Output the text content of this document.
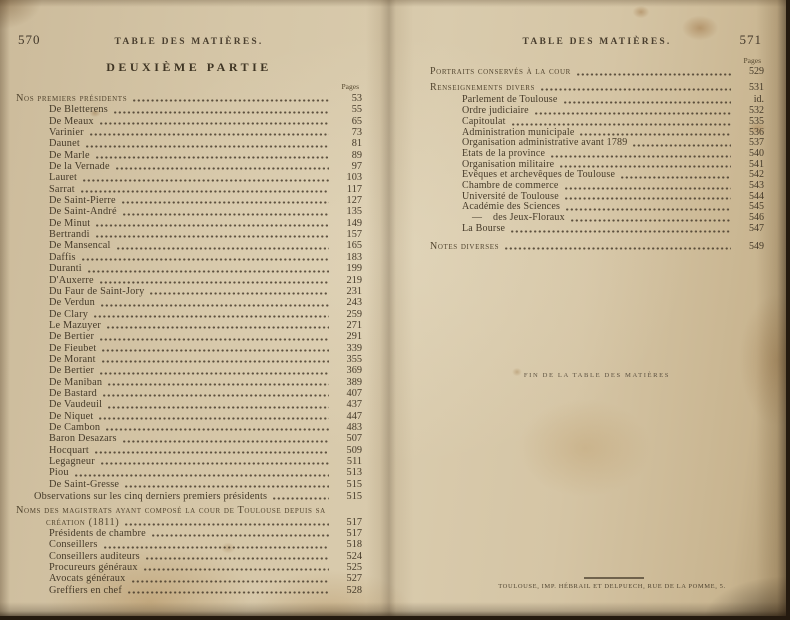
570	TABLE DES MATIÈRES.
DEUXIÈME PARTIE
Pages
Nos premiers présidents	53
De Bletterens	55
De Meaux	65
Varinier	73
Daunet	81
De Marle	89
De la Vernade	97
Lauret	103
Sarrat	117
De Saint-Pierre	127
De Saint-André	135
De Minut	149
Bertrandi	157
De Mansencal	165
Daffis	183
Duranti	199
D'Auxerre	219
Du Faur de Saint-Jory	231
De Verdun	243
De Clary	259
Le Mazuyer	271
De Bertier	291
De Fieubet	339
De Morant	355
De Bertier	369
De Maniban	389
De Bastard	407
De Vaudeuil	437
De Niquet	447
De Cambon	483
Baron Desazars	507
Hocquart	509
Legagneur	511
Piou	513
De Saint-Gresse	515
Observations sur les cinq derniers premiers présidents	515
Noms des magistrats ayant composé la cour de Toulouse depuis sa
création (1811)	517
Présidents de chambre	517
Conseillers	518
Conseillers auditeurs	524
Procureurs généraux	525
Avocats généraux	527
Greffiers en chef	528
571
TABLE DES MATIÈRES.
Pages
Portraits conservés à la cour	529
Renseignements divers	531
Parlement de Toulouse	id.
Ordre judiciaire	532
Capitoulat	535
Administration municipale	536
Organisation administrative avant 1789	537
Etats de la province	540
Organisation militaire	541
Evêques et archevêques de Toulouse	542
Chambre de commerce	543
Université de Toulouse	544
Académie des Sciences	545
—    des Jeux-Floraux	546
La Bourse	547
Notes diverses	549
FIN DE LA TABLE DES MATIÈRES
TOULOUSE, IMP. HÉBRAIL ET DELPUECH, RUE DE LA POMME, 5.
